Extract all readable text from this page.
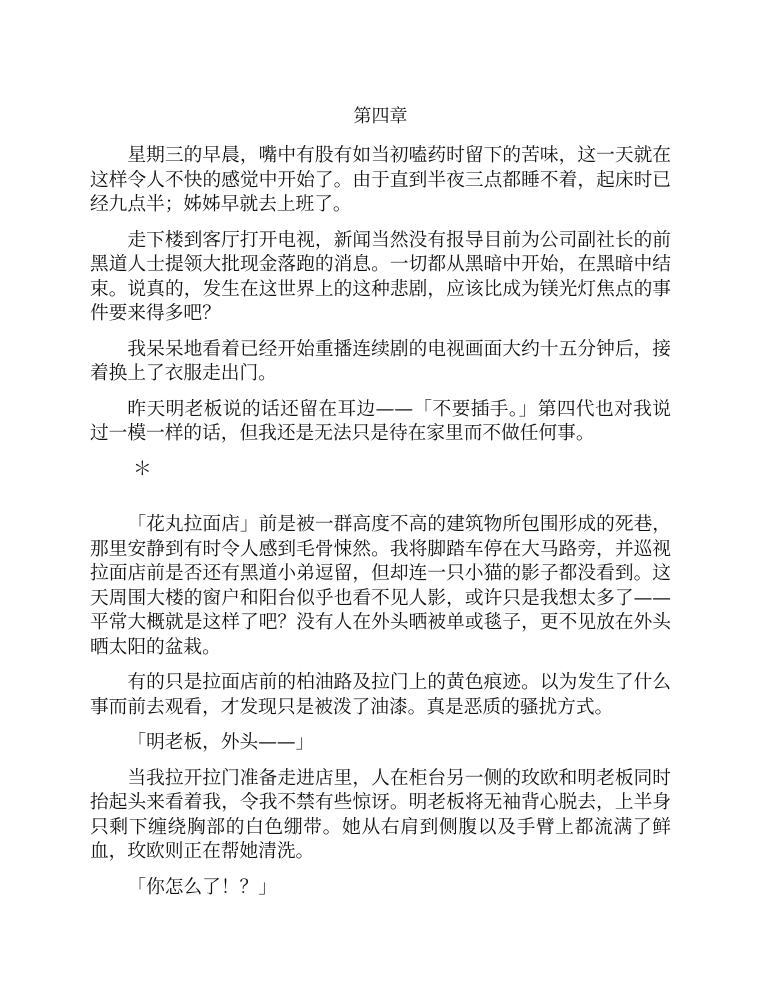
第四章

星期三的早晨，嘴中有股有如当初嗑药时留下的苦味，这一天就在这样令人不快的感觉中开始了。由于直到半夜三点都睡不着，起床时已经九点半；姊姊早就去上班了。

走下楼到客厅打开电视，新闻当然没有报导目前为公司副社长的前黑道人士提领大批现金落跑的消息。一切都从黑暗中开始，在黑暗中结束。说真的，发生在这世界上的这种悲剧，应该比成为镁光灯焦点的事件要来得多吧？

我呆呆地看着已经开始重播连续剧的电视画面大约十五分钟后，接着换上了衣服走出门。

昨天明老板说的话还留在耳边——「不要插手。」第四代也对我说过一模一样的话，但我还是无法只是待在家里而不做任何事。

＊

「花丸拉面店」前是被一群高度不高的建筑物所包围形成的死巷，那里安静到有时令人感到毛骨悚然。我将脚踏车停在大马路旁，并巡视拉面店前是否还有黑道小弟逗留，但却连一只小猫的影子都没看到。这天周围大楼的窗户和阳台似乎也看不见人影，或许只是我想太多了——平常大概就是这样了吧？没有人在外头晒被单或毯子，更不见放在外头晒太阳的盆栽。

有的只是拉面店前的柏油路及拉门上的黄色痕迹。以为发生了什么事而前去观看，才发现只是被泼了油漆。真是恶质的骚扰方式。

「明老板，外头——」

当我拉开拉门准备走进店里，人在柜台另一侧的玫欧和明老板同时抬起头来看着我，令我不禁有些惊讶。明老板将无袖背心脱去，上半身只剩下缠绕胸部的白色绷带。她从右肩到侧腹以及手臂上都流满了鲜血，玫欧则正在帮她清洗。

「你怎么了！？」
